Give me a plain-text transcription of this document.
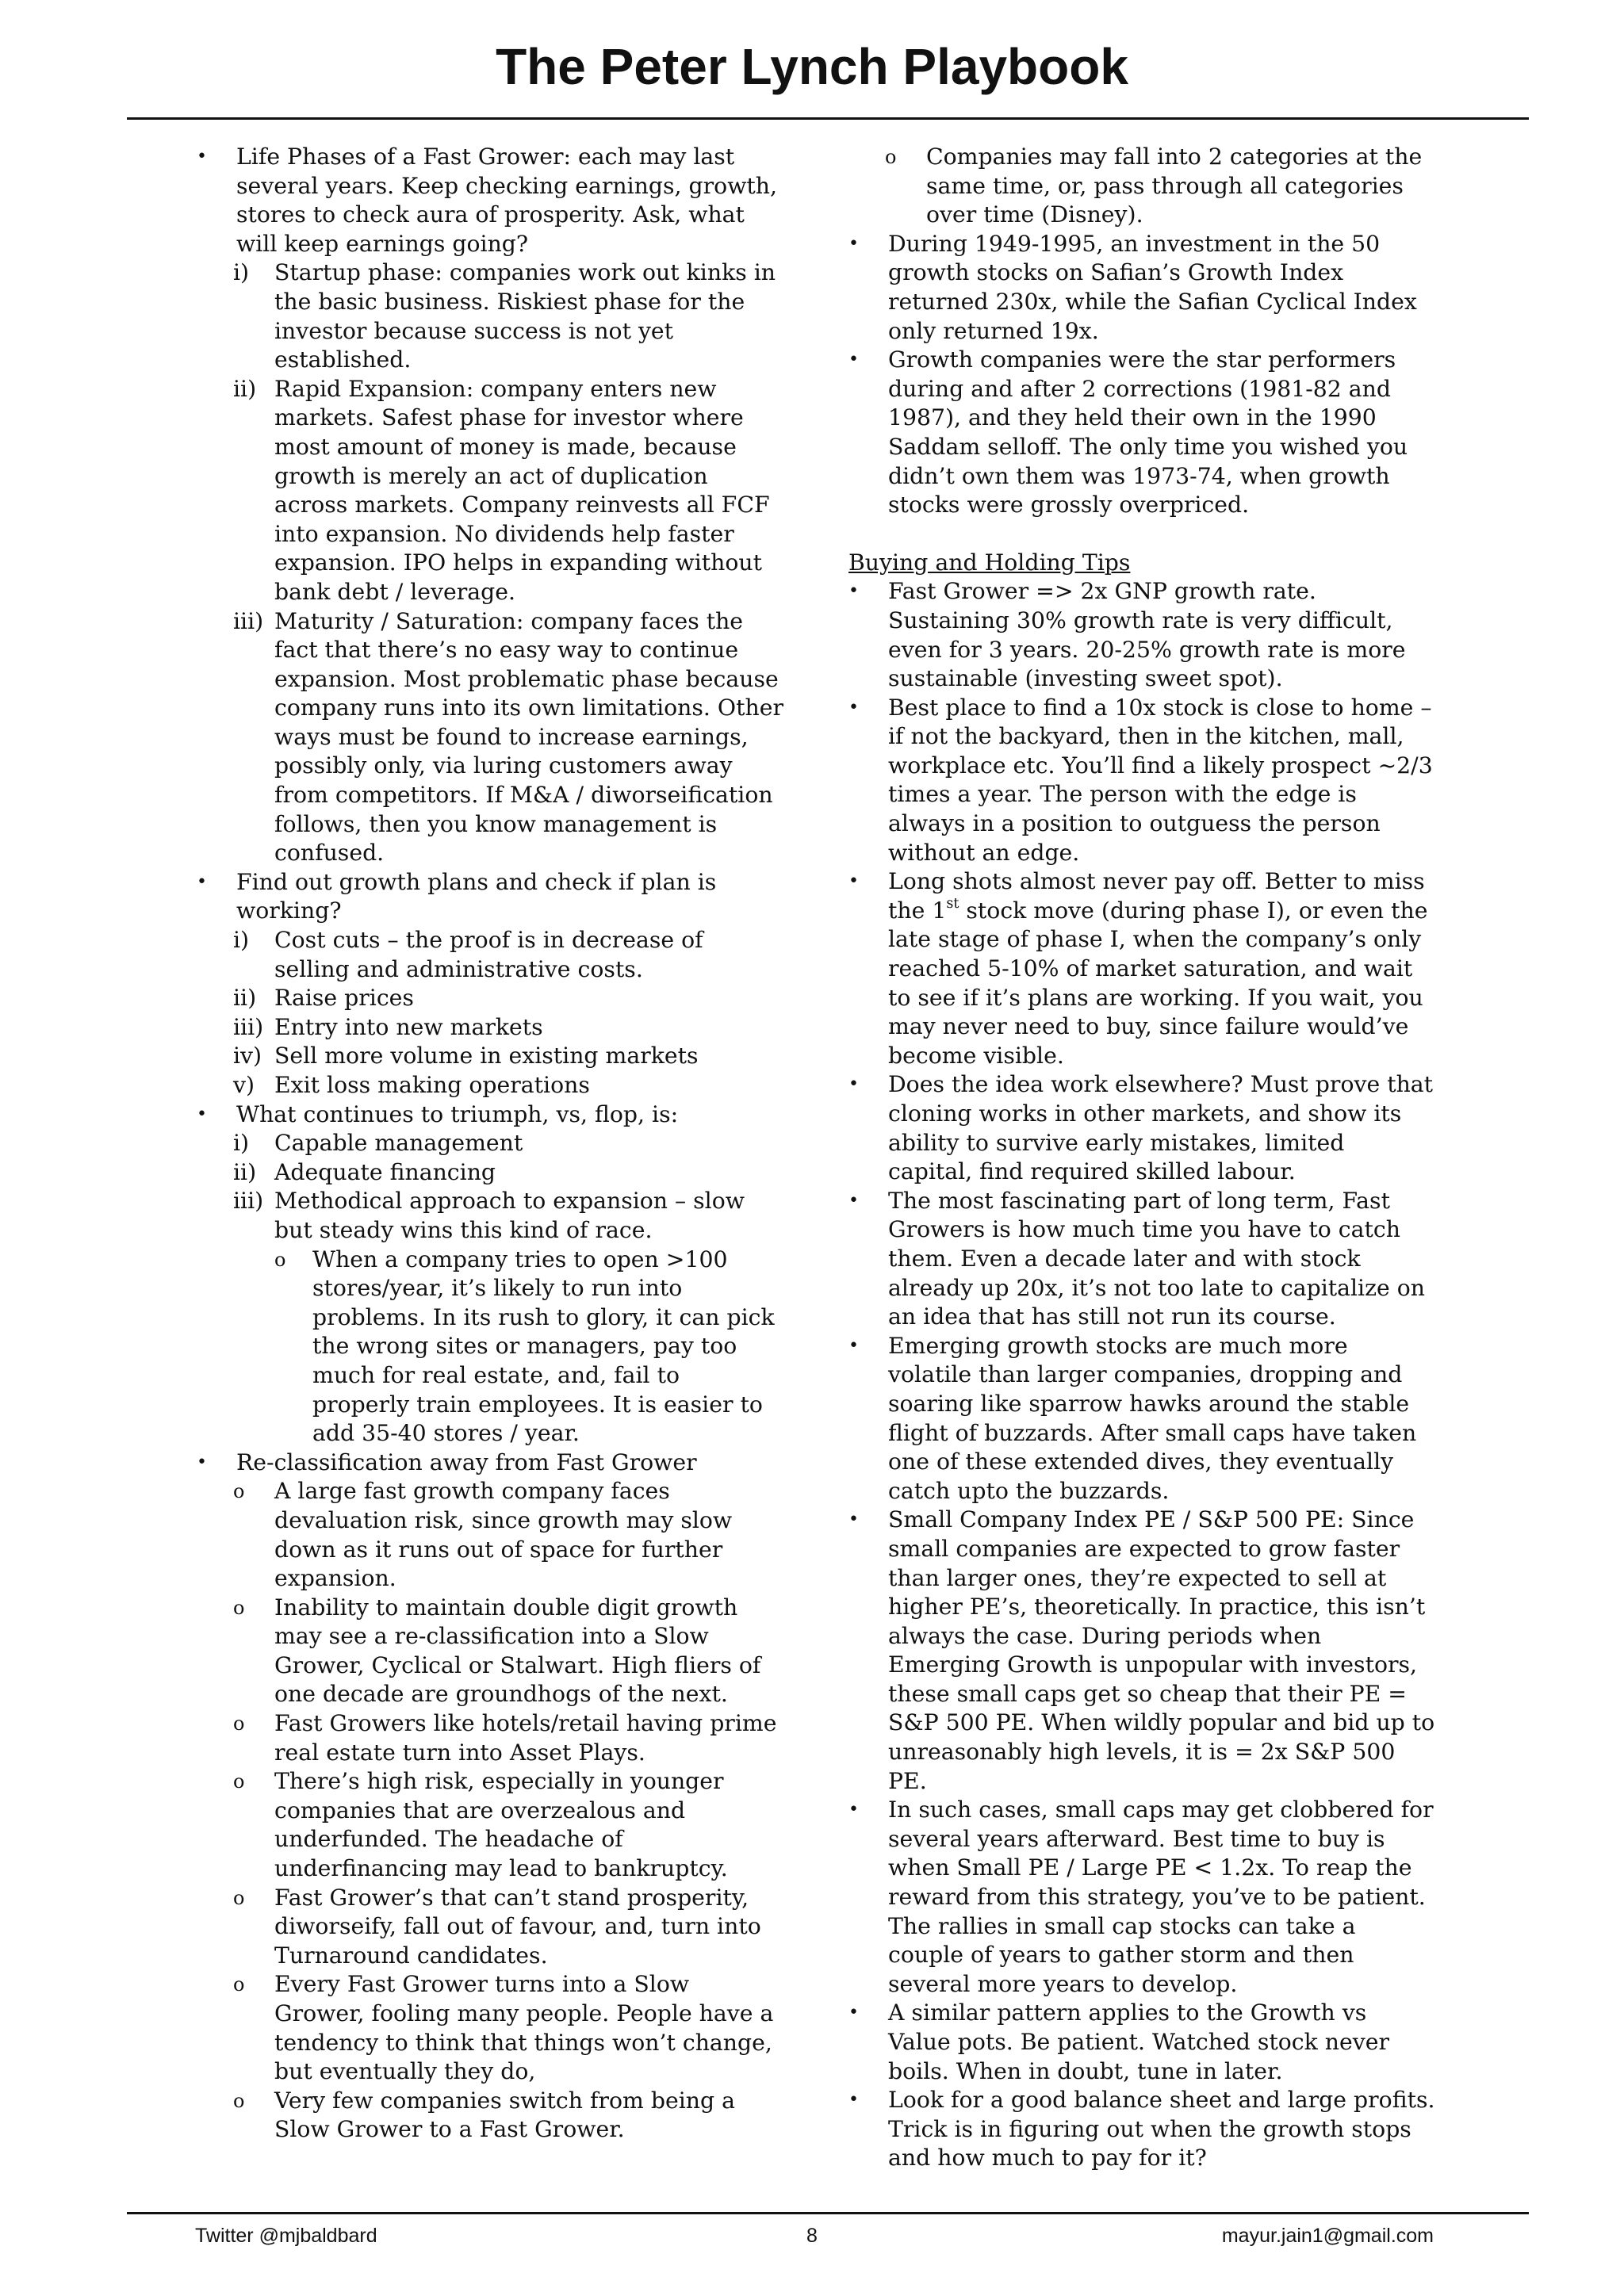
The Peter Lynch Playbook
• Life Phases of a Fast Grower: each may last several years. Keep checking earnings, growth, stores to check aura of prosperity. Ask, what will keep earnings going?
i) Startup phase: companies work out kinks in the basic business. Riskiest phase for the investor because success is not yet established.
ii) Rapid Expansion: company enters new markets. Safest phase for investor where most amount of money is made, because growth is merely an act of duplication across markets. Company reinvests all FCF into expansion. No dividends help faster expansion. IPO helps in expanding without bank debt / leverage.
iii) Maturity / Saturation: company faces the fact that there’s no easy way to continue expansion. Most problematic phase because company runs into its own limitations. Other ways must be found to increase earnings, possibly only, via luring customers away from competitors. If M&A / diworseification follows, then you know management is confused.
• Find out growth plans and check if plan is working?
i) Cost cuts – the proof is in decrease of selling and administrative costs.
ii) Raise prices
iii) Entry into new markets
iv) Sell more volume in existing markets
v) Exit loss making operations
• What continues to triumph, vs, flop, is:
i) Capable management
ii) Adequate financing
iii) Methodical approach to expansion – slow but steady wins this kind of race.
o When a company tries to open >100 stores/year, it’s likely to run into problems. In its rush to glory, it can pick the wrong sites or managers, pay too much for real estate, and, fail to properly train employees. It is easier to add 35-40 stores / year.
• Re-classification away from Fast Grower
o A large fast growth company faces devaluation risk, since growth may slow down as it runs out of space for further expansion.
o Inability to maintain double digit growth may see a re-classification into a Slow Grower, Cyclical or Stalwart. High fliers of one decade are groundhogs of the next.
o Fast Growers like hotels/retail having prime real estate turn into Asset Plays.
o There’s high risk, especially in younger companies that are overzealous and underfunded. The headache of underfinancing may lead to bankruptcy.
o Fast Grower’s that can’t stand prosperity, diworseify, fall out of favour, and, turn into Turnaround candidates.
o Every Fast Grower turns into a Slow Grower, fooling many people. People have a tendency to think that things won’t change, but eventually they do,
o Very few companies switch from being a Slow Grower to a Fast Grower.
o Companies may fall into 2 categories at the same time, or, pass through all categories over time (Disney).
• During 1949-1995, an investment in the 50 growth stocks on Safian’s Growth Index returned 230x, while the Safian Cyclical Index only returned 19x.
• Growth companies were the star performers during and after 2 corrections (1981-82 and 1987), and they held their own in the 1990 Saddam selloff. The only time you wished you didn’t own them was 1973-74, when growth stocks were grossly overpriced.
Buying and Holding Tips
• Fast Grower => 2x GNP growth rate. Sustaining 30% growth rate is very difficult, even for 3 years. 20-25% growth rate is more sustainable (investing sweet spot).
• Best place to find a 10x stock is close to home – if not the backyard, then in the kitchen, mall, workplace etc. You’ll find a likely prospect ~2/3 times a year. The person with the edge is always in a position to outguess the person without an edge.
• Long shots almost never pay off. Better to miss the 1st stock move (during phase I), or even the late stage of phase I, when the company’s only reached 5-10% of market saturation, and wait to see if it’s plans are working. If you wait, you may never need to buy, since failure would’ve become visible.
• Does the idea work elsewhere? Must prove that cloning works in other markets, and show its ability to survive early mistakes, limited capital, find required skilled labour.
• The most fascinating part of long term, Fast Growers is how much time you have to catch them. Even a decade later and with stock already up 20x, it’s not too late to capitalize on an idea that has still not run its course.
• Emerging growth stocks are much more volatile than larger companies, dropping and soaring like sparrow hawks around the stable flight of buzzards. After small caps have taken one of these extended dives, they eventually catch upto the buzzards.
• Small Company Index PE / S&P 500 PE: Since small companies are expected to grow faster than larger ones, they’re expected to sell at higher PE’s, theoretically. In practice, this isn’t always the case. During periods when Emerging Growth is unpopular with investors, these small caps get so cheap that their PE = S&P 500 PE. When wildly popular and bid up to unreasonably high levels, it is = 2x S&P 500 PE.
• In such cases, small caps may get clobbered for several years afterward. Best time to buy is when Small PE / Large PE < 1.2x. To reap the reward from this strategy, you’ve to be patient. The rallies in small cap stocks can take a couple of years to gather storm and then several more years to develop.
• A similar pattern applies to the Growth vs Value pots. Be patient. Watched stock never boils. When in doubt, tune in later.
• Look for a good balance sheet and large profits. Trick is in figuring out when the growth stops and how much to pay for it?
Twitter @mjbaldbard	8	mayur.jain1@gmail.com
